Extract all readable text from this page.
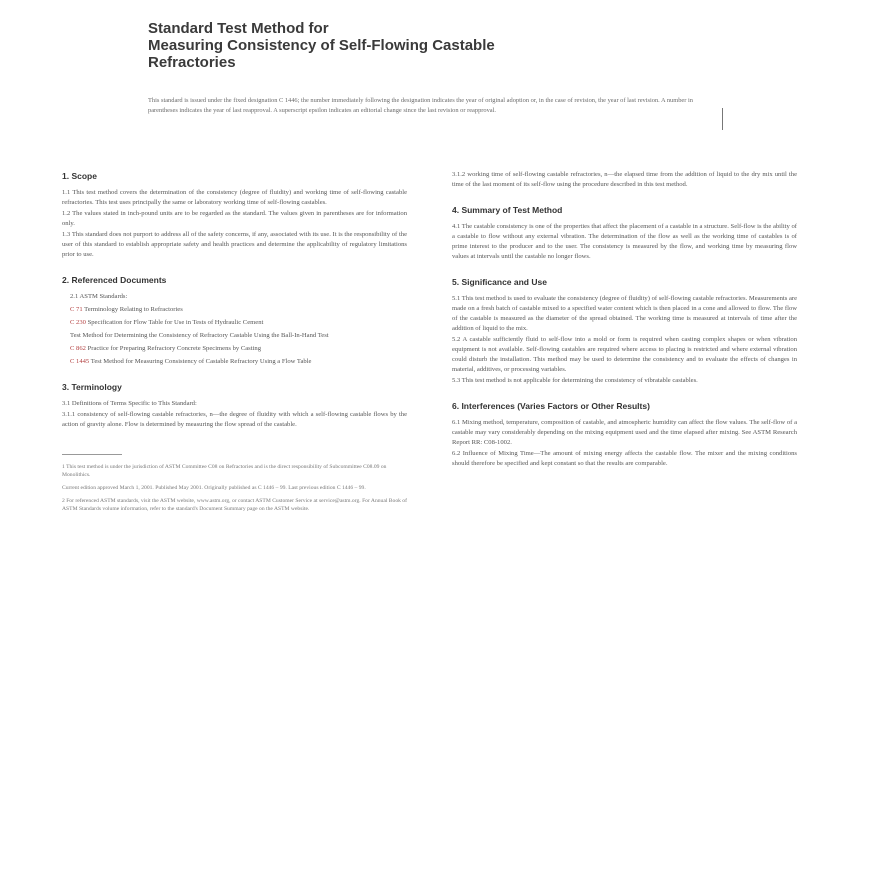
Standard Test Method for
Measuring Consistency of Self-Flowing Castable
Refractories
This standard is issued under the fixed designation C 1446; the number immediately following the designation indicates the year of original adoption or, in the case of revision, the year of last revision. A number in parentheses indicates the year of last reapproval. A superscript epsilon indicates an editorial change since the last revision or reapproval.
1. Scope

1.1 This test method covers the determination of the consistency (degree of fluidity) and working time of self-flowing castable refractories. This test uses principally the same or laboratory working time of self-flowing castables.

1.2 The values stated in inch-pound units are to be regarded as the standard. The values given in parentheses are for information only.

1.3 This standard does not purport to address all of the safety concerns, if any, associated with its use. It is the responsibility of the user of this standard to establish appropriate safety and health practices and determine the applicability of regulatory limitations prior to use.

2. Referenced Documents
2.1 ASTM Standards:
C 71 Terminology Relating to Refractories
C 230 Specification for Flow Table for Use in Tests of Hydraulic Cement
Test Method for Determining the Consistency of Refractory Castable Using the Ball-In-Hand Test
C 862 Practice for Preparing Refractory Concrete Specimens by Casting
C 1445 Test Method for Measuring Consistency of Castable Refractory Using a Flow Table
3. Terminology

3.1 Definitions of Terms Specific to This Standard:

3.1.1 consistency of self-flowing castable refractories, n—the degree of fluidity with which a self-flowing castable flows by the action of gravity alone. Flow is determined by measuring the flow spread of the castable.

1 This test method is under the jurisdiction of ASTM Committee C08 on Refractories and is the direct responsibility of Subcommittee C08.09 on Monolithics.
Current edition approved March 1, 2001. Published May 2001. Originally published as C 1446 – 99. Last previous edition C 1446 – 99.
2 For referenced ASTM standards, visit the ASTM website, www.astm.org, or contact ASTM Customer Service at service@astm.org. For Annual Book of ASTM Standards volume information, refer to the standard's Document Summary page on the ASTM website.

3.1.2 working time of self-flowing castable refractories, n—the elapsed time from the addition of liquid to the dry mix until the time of the last moment of its self-flow using the procedure described in this test method.

4. Summary of Test Method

4.1 The castable consistency is one of the properties that affect the placement of a castable in a structure. Self-flow is the ability of a castable to flow without any external vibration. The determination of the flow as well as the working time of castables is of prime interest to the producer and to the user. The consistency is measured by the flow, and working time by measuring flow values at intervals until the castable no longer flows.

5. Significance and Use

5.1 This test method is used to evaluate the consistency (degree of fluidity) of self-flowing castable refractories. Measurements are made on a fresh batch of castable mixed to a specified water content which is then placed in a cone and allowed to flow. The flow of the castable is measured as the diameter of the spread obtained. The working time is measured at intervals of time after the addition of liquid to the mix.

5.2 A castable sufficiently fluid to self-flow into a mold or form is required when casting complex shapes or when vibration equipment is not available. Self-flowing castables are required where access to placing is restricted and where external vibration could disturb the installation. This method may be used to determine the consistency and to evaluate the effects of changes in material, additives, or processing variables.

5.3 This test method is not applicable for determining the consistency of vibratable castables.

6. Interferences (Varies Factors or Other Results)

6.1 Mixing method, temperature, composition of castable, and atmospheric humidity can affect the flow values. The self-flow of a castable may vary considerably depending on the mixing equipment used and the time elapsed after mixing. See ASTM Research Report RR: C08-1002.

6.2 Influence of Mixing Time—The amount of mixing energy affects the castable flow. The mixer and the mixing conditions should therefore be specified and kept constant so that the results are comparable.
